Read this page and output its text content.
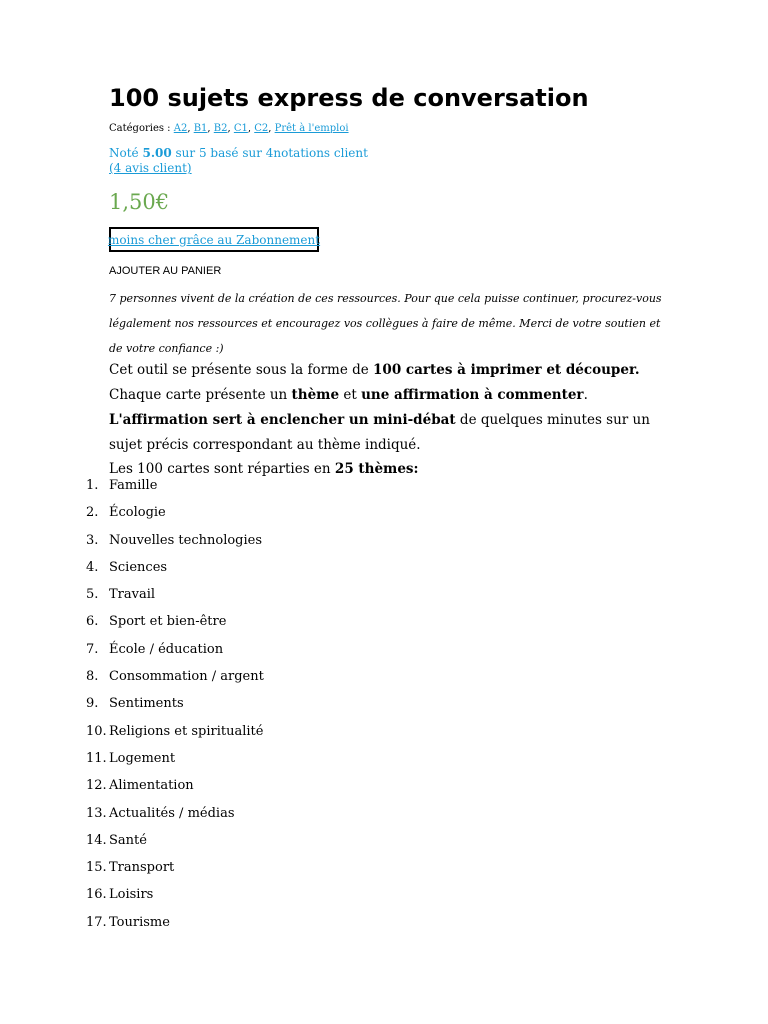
100 sujets express de conversation
Catégories : A2, B1, B2, C1, C2, Prêt à l'emploi
Noté 5.00 sur 5 basé sur 4notations client
(4 avis client)
1,50€
moins cher grâce au Zabonnement
AJOUTER AU PANIER

7 personnes vivent de la création de ces ressources. Pour que cela puisse continuer, procurez-vous légalement nos ressources et encouragez vos collègues à faire de même. Merci de votre soutien et de votre confiance :)

Cet outil se présente sous la forme de 100 cartes à imprimer et découper. Chaque carte présente un thème et une affirmation à commenter. L'affirmation sert à enclencher un mini-débat de quelques minutes sur un sujet précis correspondant au thème indiqué.

Les 100 cartes sont réparties en 25 thèmes:
1. Famille
2. Écologie
3. Nouvelles technologies
4. Sciences
5. Travail
6. Sport et bien-être
7. École / éducation
8. Consommation / argent
9. Sentiments
10. Religions et spiritualité
11. Logement
12. Alimentation
13. Actualités / médias
14. Santé
15. Transport
16. Loisirs
17. Tourisme
